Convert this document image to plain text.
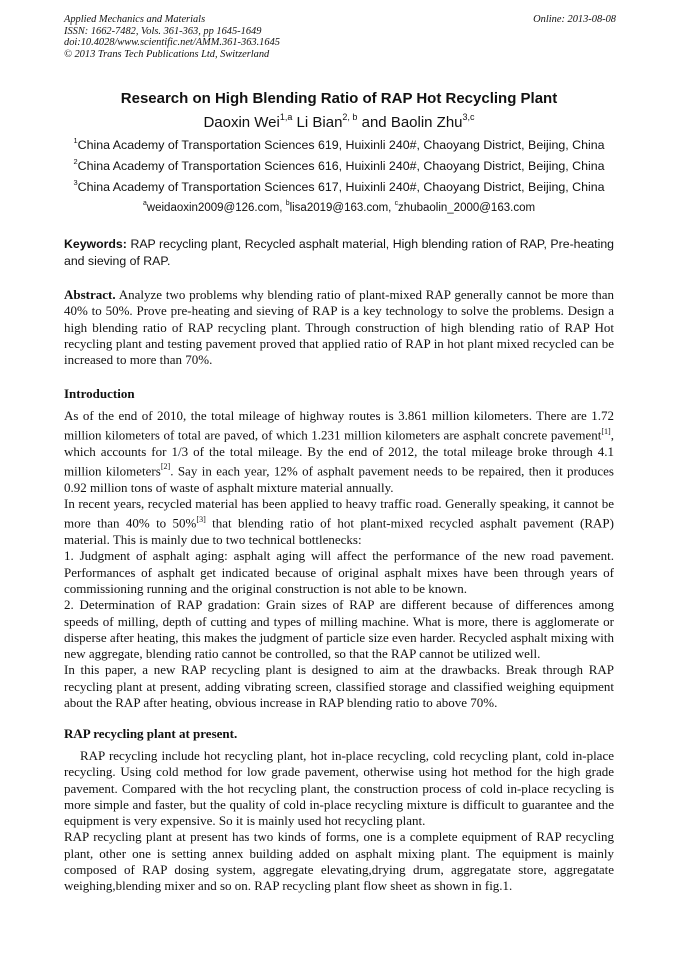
Applied Mechanics and Materials
ISSN: 1662-7482, Vols. 361-363, pp 1645-1649
doi:10.4028/www.scientific.net/AMM.361-363.1645
© 2013 Trans Tech Publications Ltd, Switzerland
Online: 2013-08-08
Research on High Blending Ratio of RAP Hot Recycling Plant
Daoxin Wei$^{1,a}$ Li Bian$^{2, b}$ and Baolin Zhu$^{3,c}$
$^1$China Academy of Transportation Sciences 619, Huixinli 240#, Chaoyang District, Beijing, China
$^2$China Academy of Transportation Sciences 616, Huixinli 240#, Chaoyang District, Beijing, China
$^3$China Academy of Transportation Sciences 617, Huixinli 240#, Chaoyang District, Beijing, China
$^a$weidaoxin2009@126.com, $^b$lisa2019@163.com, $^c$zhubaolin_2000@163.com
Keywords: RAP recycling plant, Recycled asphalt material, High blending ration of RAP, Pre-heating and sieving of RAP.

Abstract. Analyze two problems why blending ratio of plant-mixed RAP generally cannot be more than 40% to 50%. Prove pre-heating and sieving of RAP is a key technology to solve the problems. Design a high blending ratio of RAP recycling plant. Through construction of high blending ratio of RAP Hot recycling plant and testing pavement proved that applied ratio of RAP in hot plant mixed recycled can be increased to more than 70%.

Introduction

As of the end of 2010, the total mileage of highway routes is 3.861 million kilometers. There are 1.72 million kilometers of total are paved, of which 1.231 million kilometers are asphalt concrete pavement[1], which accounts for 1/3 of the total mileage. By the end of 2012, the total mileage broke through 4.1 million kilometers[2]. Say in each year, 12% of asphalt pavement needs to be repaired, then it produces 0.92 million tons of waste of asphalt mixture material annually.

In recent years, recycled material has been applied to heavy traffic road. Generally speaking, it cannot be more than 40% to 50%[3] that blending ratio of hot plant-mixed recycled asphalt pavement (RAP) material. This is mainly due to two technical bottlenecks:

1. Judgment of asphalt aging: asphalt aging will affect the performance of the new road pavement. Performances of asphalt get indicated because of original asphalt mixes have been through years of commissioning running and the original construction is not able to be known.

2. Determination of RAP gradation: Grain sizes of RAP are different because of differences among speeds of milling, depth of cutting and types of milling machine. What is more, there is agglomerate or disperse after heating, this makes the judgment of particle size even harder. Recycled asphalt mixing with new aggregate, blending ratio cannot be controlled, so that the RAP cannot be utilized well.

In this paper, a new RAP recycling plant is designed to aim at the drawbacks. Break through RAP recycling plant at present, adding vibrating screen, classified storage and classified weighing equipment about the RAP after heating, obvious increase in RAP blending ratio to above 70%.

RAP recycling plant at present.

RAP recycling include hot recycling plant, hot in-place recycling, cold recycling plant, cold in-place recycling. Using cold method for low grade pavement, otherwise using hot method for the high grade pavement. Compared with the hot recycling plant, the construction process of cold in-place recycling is more simple and faster, but the quality of cold in-place recycling mixture is difficult to guarantee and the equipment is very expensive. So it is mainly used hot recycling plant.

RAP recycling plant at present has two kinds of forms, one is a complete equipment of RAP recycling plant, other one is setting annex building added on asphalt mixing plant. The equipment is mainly composed of RAP dosing system, aggregate elevating,drying drum, aggregatate store, aggregatate weighing,blending mixer and so on. RAP recycling plant flow sheet as shown in fig.1.
